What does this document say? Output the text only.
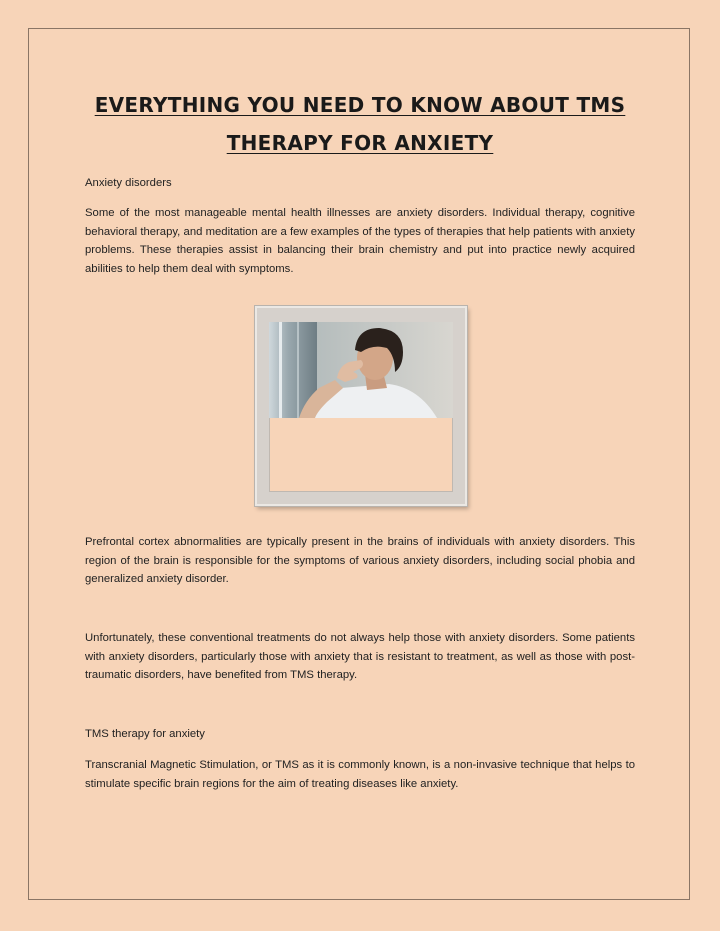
EVERYTHING YOU NEED TO KNOW ABOUT TMS THERAPY FOR ANXIETY

Anxiety disorders

Some of the most manageable mental health illnesses are anxiety disorders. Individual therapy, cognitive behavioral therapy, and meditation are a few examples of the types of therapies that help patients with anxiety problems. These therapies assist in balancing their brain chemistry and put into practice newly acquired abilities to help them deal with symptoms.

Prefrontal cortex abnormalities are typically present in the brains of individuals with anxiety disorders. This region of the brain is responsible for the symptoms of various anxiety disorders, including social phobia and generalized anxiety disorder.

Unfortunately, these conventional treatments do not always help those with anxiety disorders. Some patients with anxiety disorders, particularly those with anxiety that is resistant to treatment, as well as those with post-traumatic disorders, have benefited from TMS therapy.

TMS therapy for anxiety

Transcranial Magnetic Stimulation, or TMS as it is commonly known, is a non-invasive technique that helps to stimulate specific brain regions for the aim of treating diseases like anxiety.
